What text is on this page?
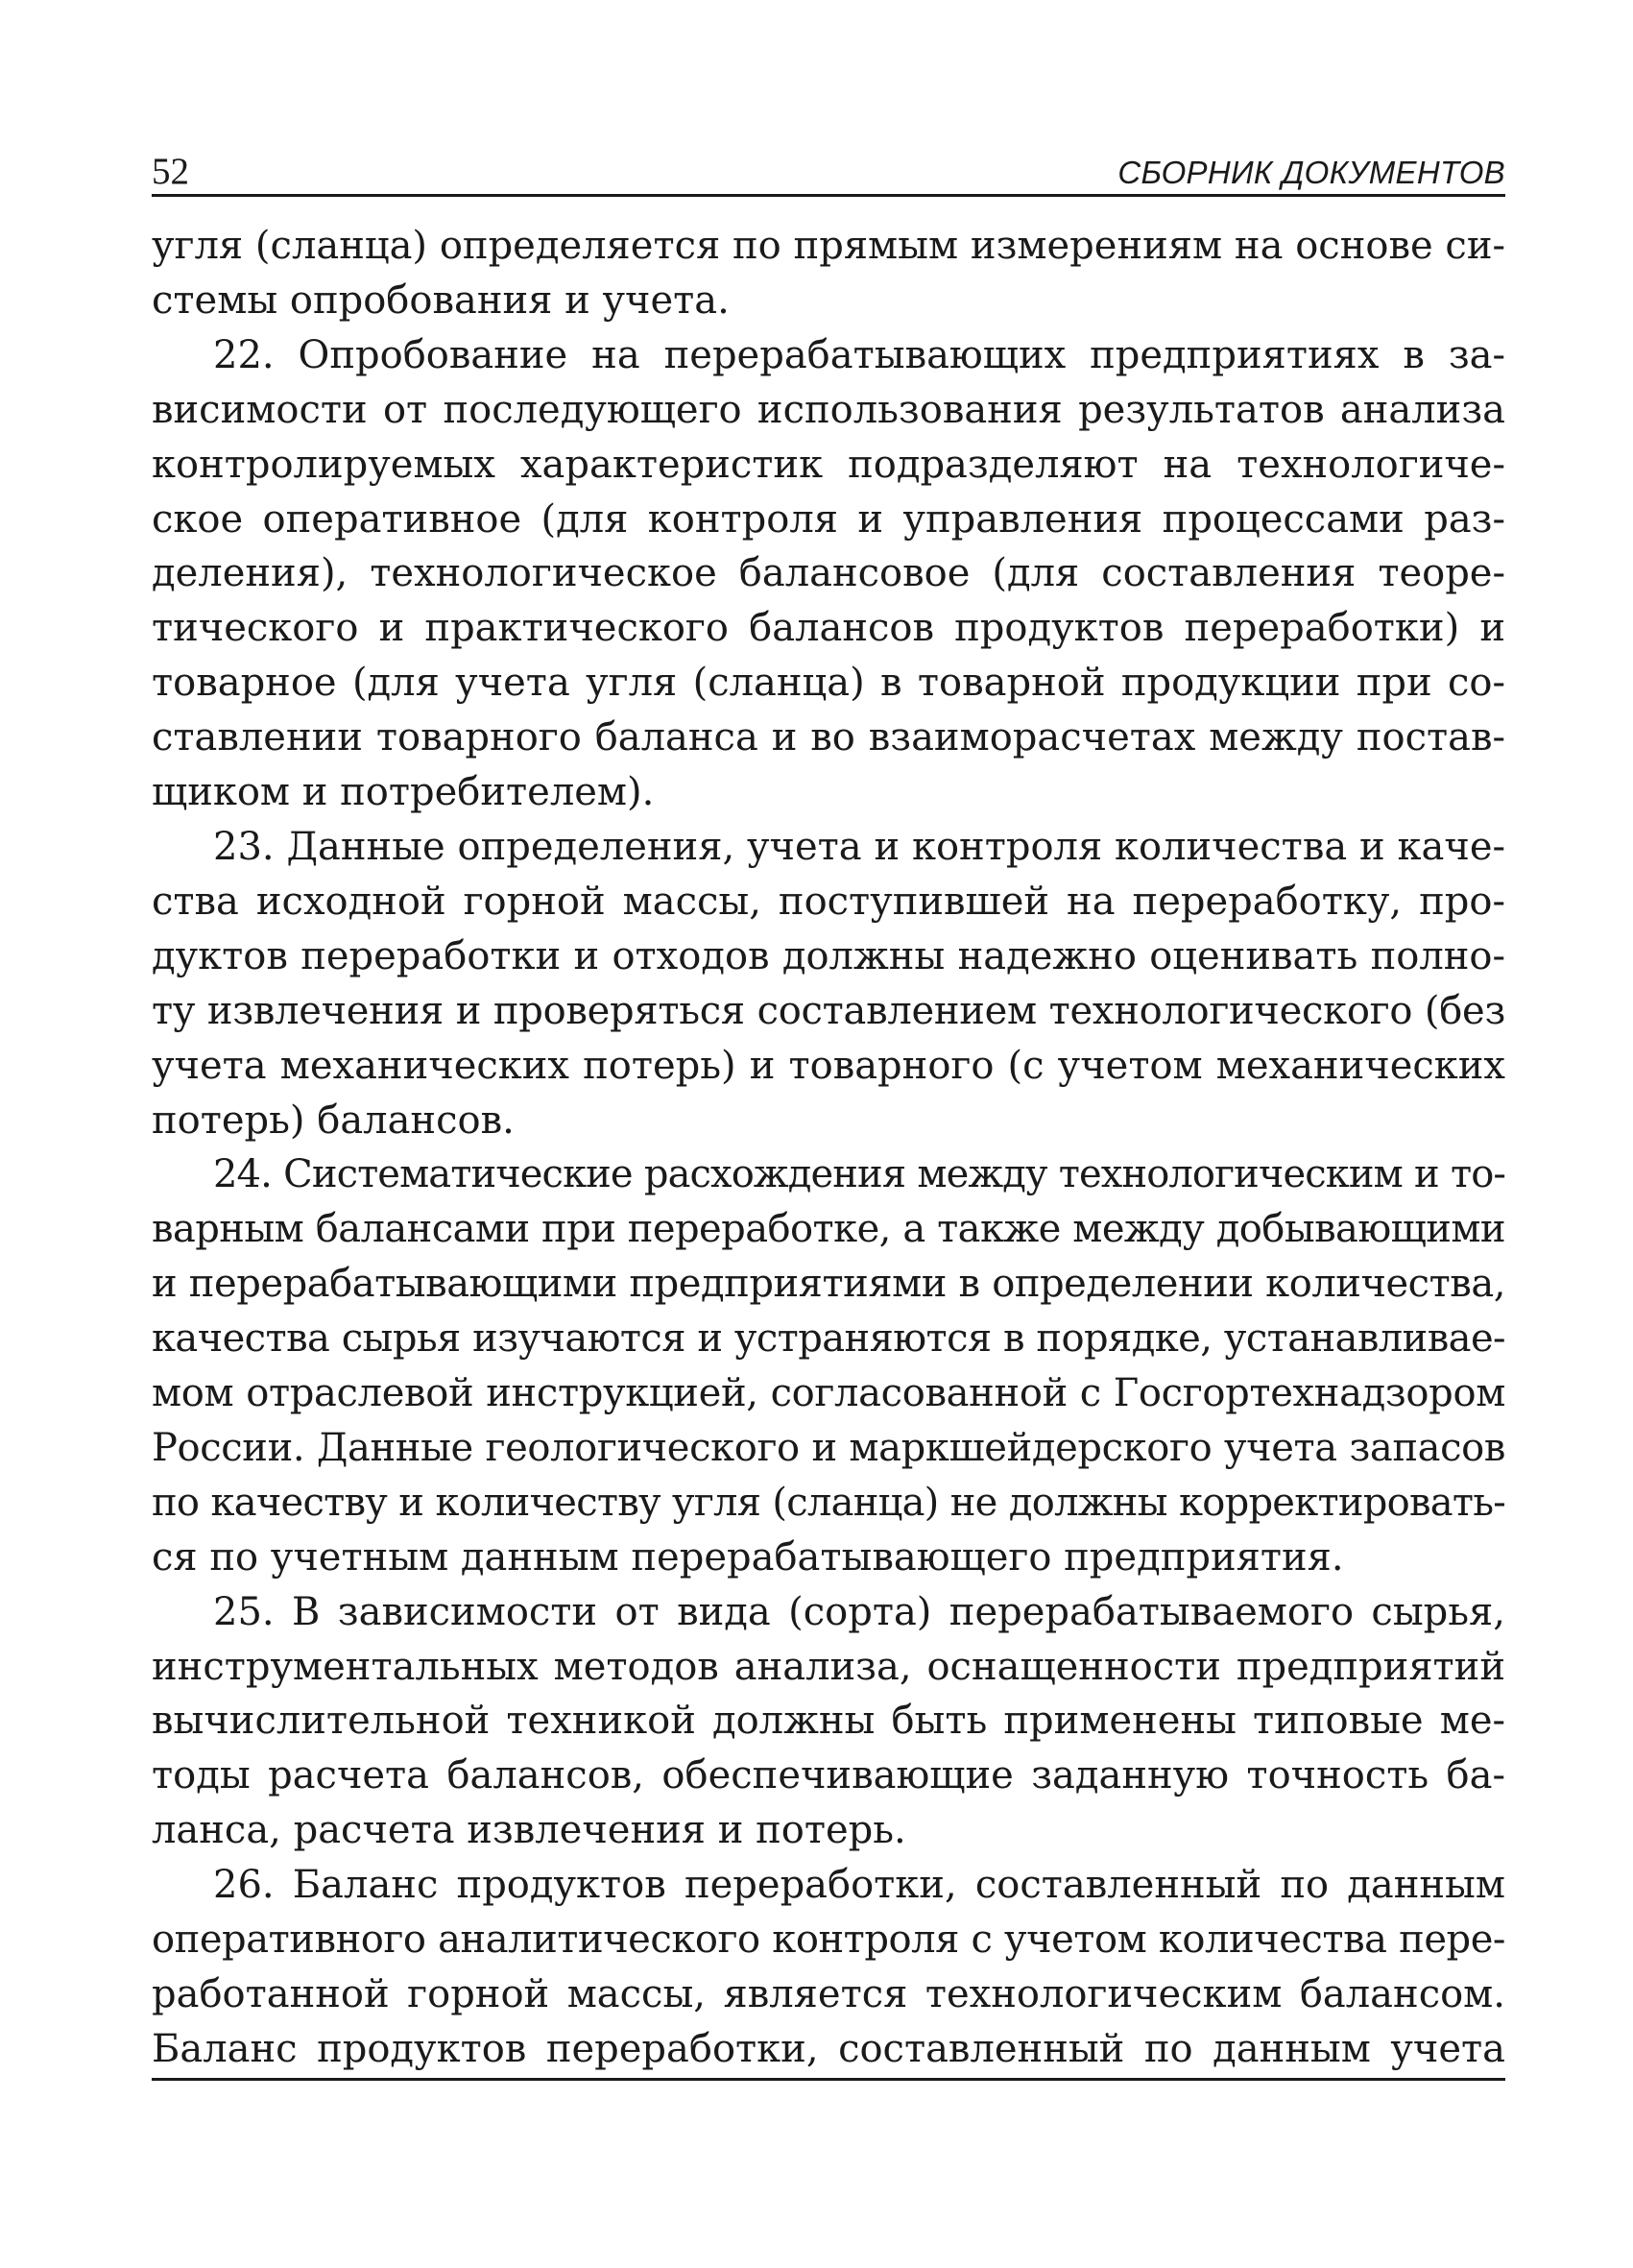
52	СБОРНИК ДОКУМЕНТОВ
угля (сланца) определяется по прямым измерениям на основе си-
стемы опробования и учета.
22. Опробование на перерабатывающих предприятиях в за-
висимости от последующего использования результатов анализа
контролируемых характеристик подразделяют на технологиче-
ское оперативное (для контроля и управления процессами раз-
деления), технологическое балансовое (для составления теоре-
тического и практического балансов продуктов переработки) и
товарное (для учета угля (сланца) в товарной продукции при со-
ставлении товарного баланса и во взаиморасчетах между постав-
щиком и потребителем).
23. Данные определения, учета и контроля количества и каче-
ства исходной горной массы, поступившей на переработку, про-
дуктов переработки и отходов должны надежно оценивать полно-
ту извлечения и проверяться составлением технологического (без
учета механических потерь) и товарного (с учетом механических
потерь) балансов.
24. Систематические расхождения между технологическим и то-
варным балансами при переработке, а также между добывающими
и перерабатывающими предприятиями в определении количества,
качества сырья изучаются и устраняются в порядке, устанавливае-
мом отраслевой инструкцией, согласованной с Госгортехнадзором
России. Данные геологического и маркшейдерского учета запасов
по качеству и количеству угля (сланца) не должны корректировать-
ся по учетным данным перерабатывающего предприятия.
25. В зависимости от вида (сорта) перерабатываемого сырья,
инструментальных методов анализа, оснащенности предприятий
вычислительной техникой должны быть применены типовые ме-
тоды расчета балансов, обеспечивающие заданную точность ба-
ланса, расчета извлечения и потерь.
26. Баланс продуктов переработки, составленный по данным
оперативного аналитического контроля с учетом количества пере-
работанной горной массы, является технологическим балансом.
Баланс продуктов переработки, составленный по данным учета
